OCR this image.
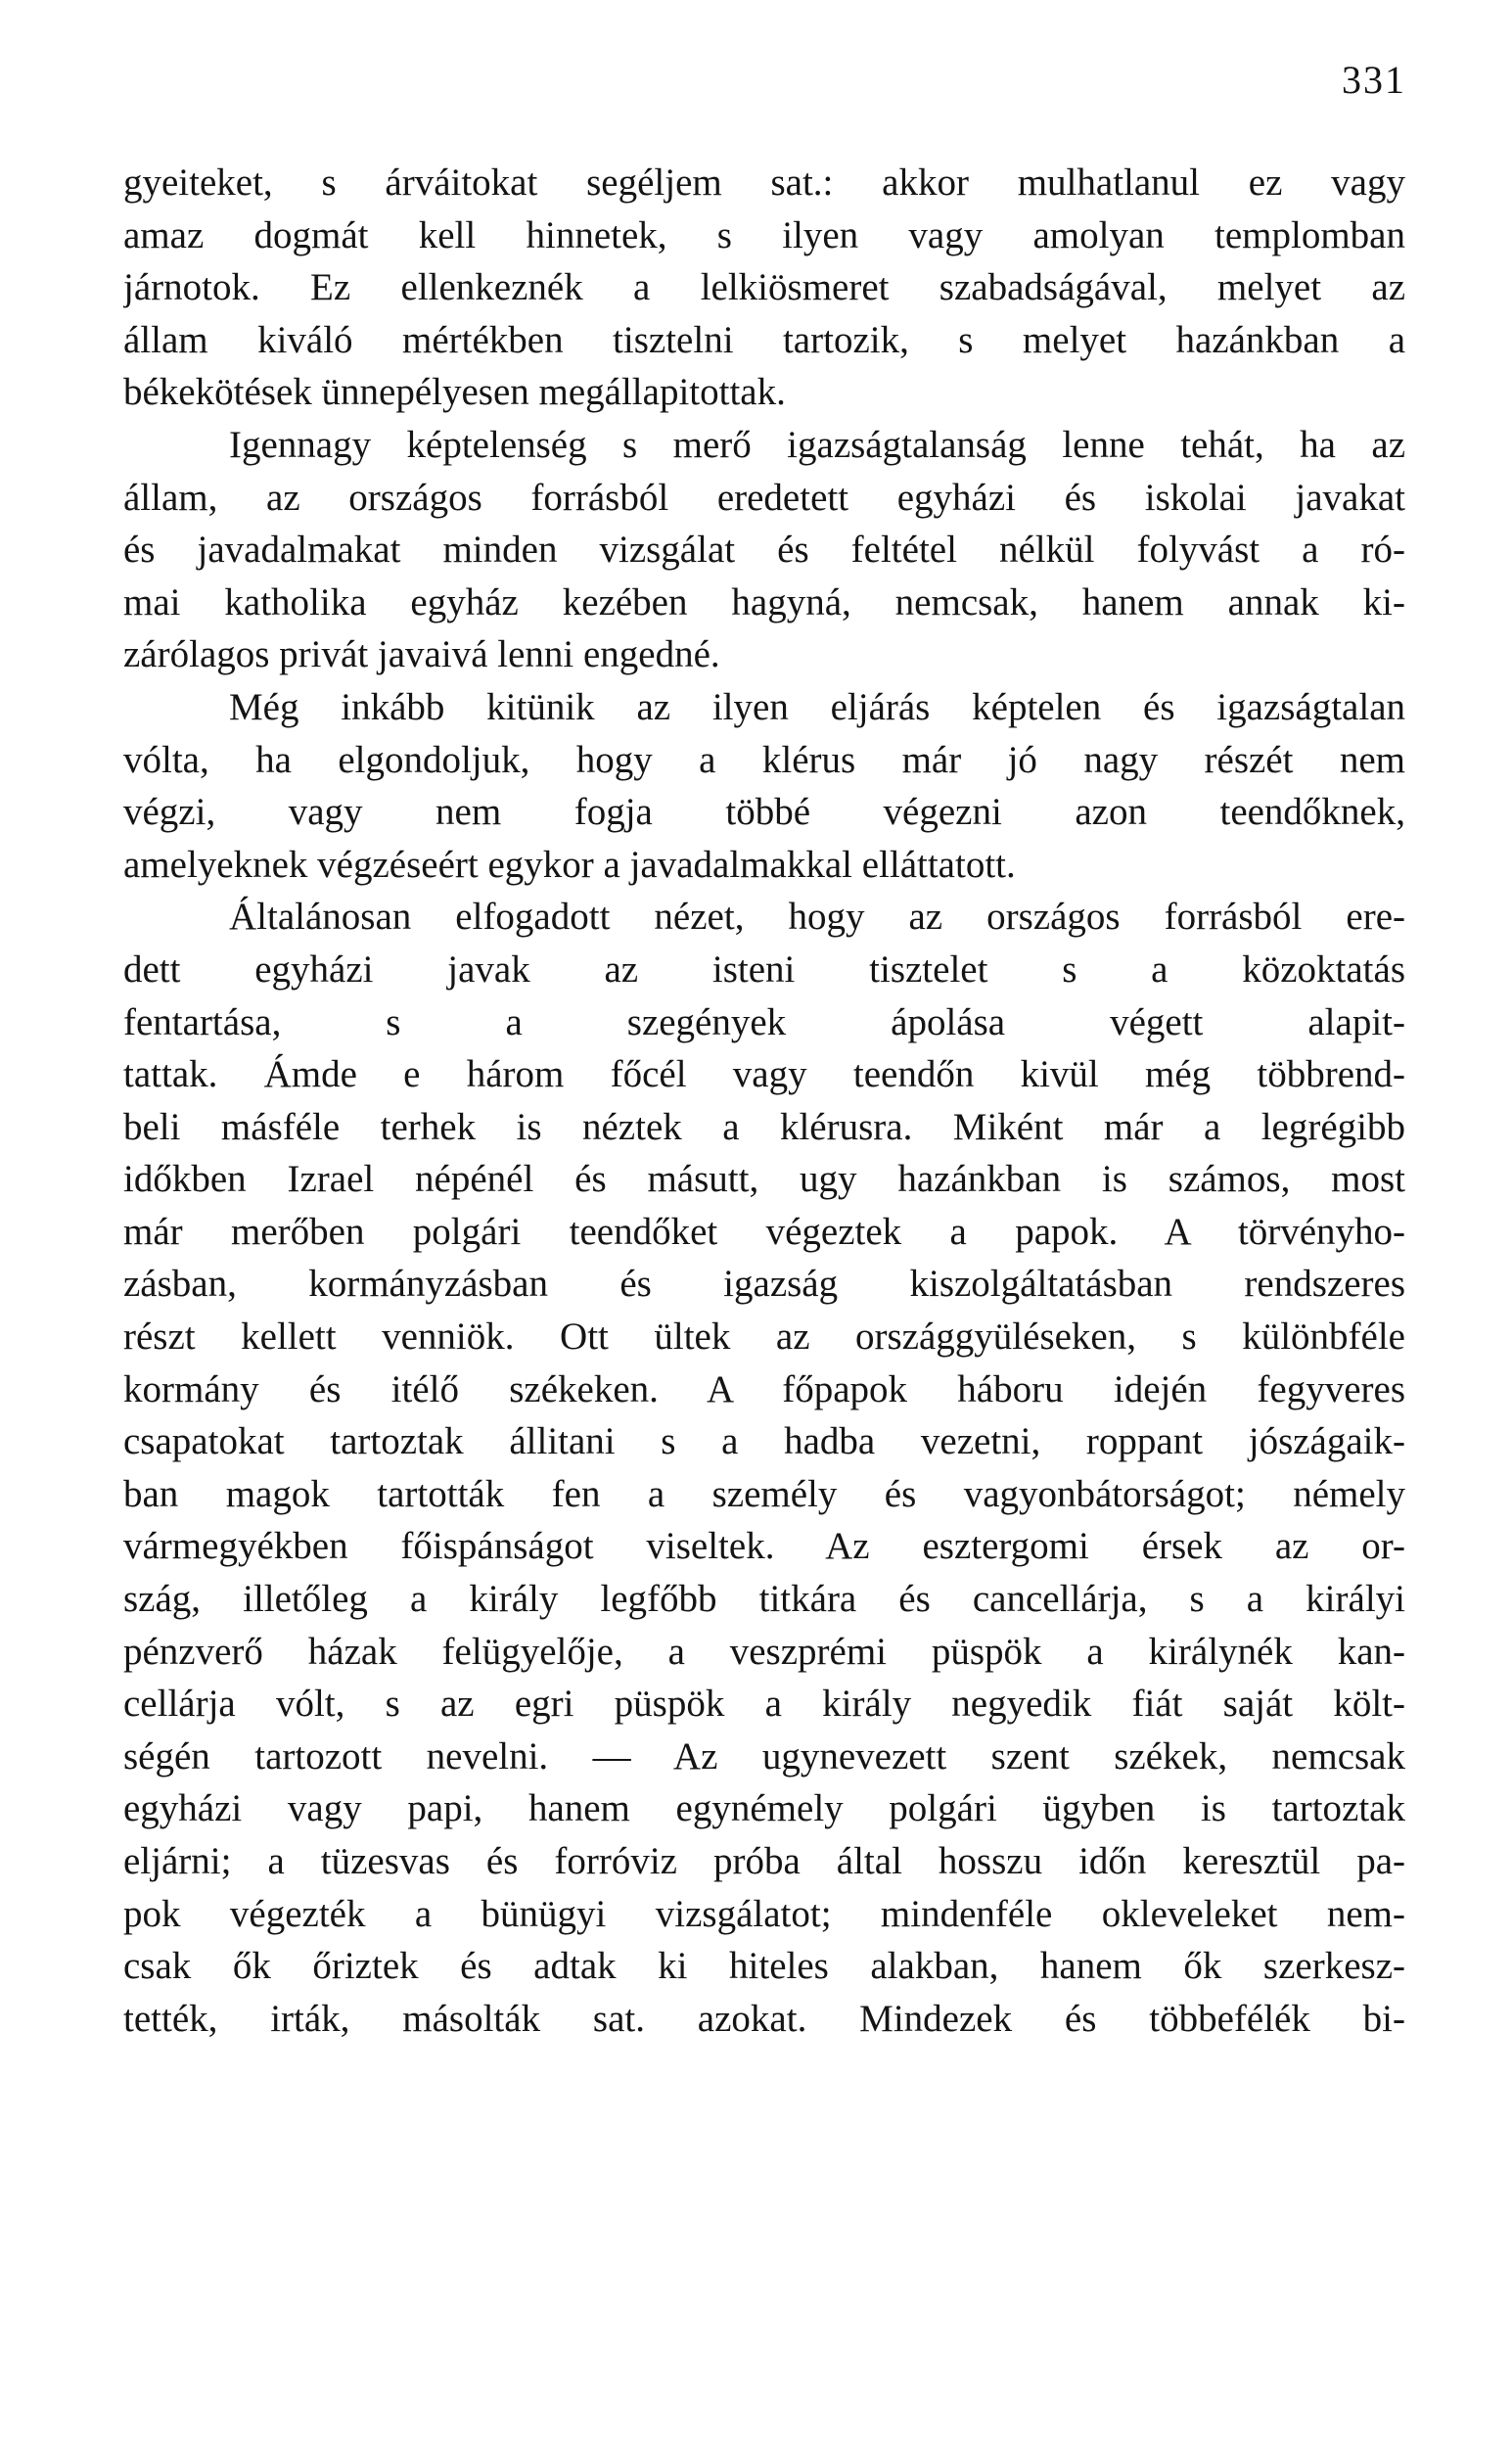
331
gyeiteket, s árváitokat segéljem sat.: akkor mulhatlanul ez vagy
amaz dogmát kell hinnetek, s ilyen vagy amolyan templomban
járnotok. Ez ellenkeznék a lelkiösmeret szabadságával, melyet az
állam kiváló mértékben tisztelni tartozik, s melyet hazánkban a
békekötések ünnepélyesen megállapitottak.
Igennagy képtelenség s merő igazságtalanság lenne tehát, ha az
állam, az országos forrásból eredetett egyházi és iskolai javakat
és javadalmakat minden vizsgálat és feltétel nélkül folyvást a ró-
mai katholika egyház kezében hagyná, nemcsak, hanem annak ki-
zárólagos privát javaivá lenni engedné.
Még inkább kitünik az ilyen eljárás képtelen és igazságtalan
vólta, ha elgondoljuk, hogy a klérus már jó nagy részét nem
végzi, vagy nem fogja többé végezni azon teendőknek,
amelyeknek végzéseért egykor a javadalmakkal elláttatott.
Általánosan elfogadott nézet, hogy az országos forrásból ere-
dett egyházi javak az isteni tisztelet s a közoktatás
fentartása, s a szegények ápolása végett alapit-
tattak. Ámde e három főcél vagy teendőn kivül még többrend-
beli másféle terhek is néztek a klérusra. Miként már a legrégibb
időkben Izrael népénél és másutt, ugy hazánkban is számos, most
már merőben polgári teendőket végeztek a papok. A törvényho-
zásban, kormányzásban és igazság kiszolgáltatásban rendszeres
részt kellett venniök. Ott ültek az országgyüléseken, s különbféle
kormány és itélő székeken. A főpapok háboru idején fegyveres
csapatokat tartoztak állitani s a hadba vezetni, roppant jószágaik-
ban magok tartották fen a személy és vagyonbátorságot; némely
vármegyékben főispánságot viseltek. Az esztergomi érsek az or-
szág, illetőleg a király legfőbb titkára és cancellárja, s a királyi
pénzverő házak felügyelője, a veszprémi püspök a királynék kan-
cellárja vólt, s az egri püspök a király negyedik fiát saját költ-
ségén tartozott nevelni. — Az ugynevezett szent székek, nemcsak
egyházi vagy papi, hanem egynémely polgári ügyben is tartoztak
eljárni; a tüzesvas és forróviz próba által hosszu időn keresztül pa-
pok végezték a bünügyi vizsgálatot; mindenféle okleveleket nem-
csak ők őriztek és adtak ki hiteles alakban, hanem ők szerkesz-
tették, irták, másolták sat. azokat. Mindezek és többefélék bi-
